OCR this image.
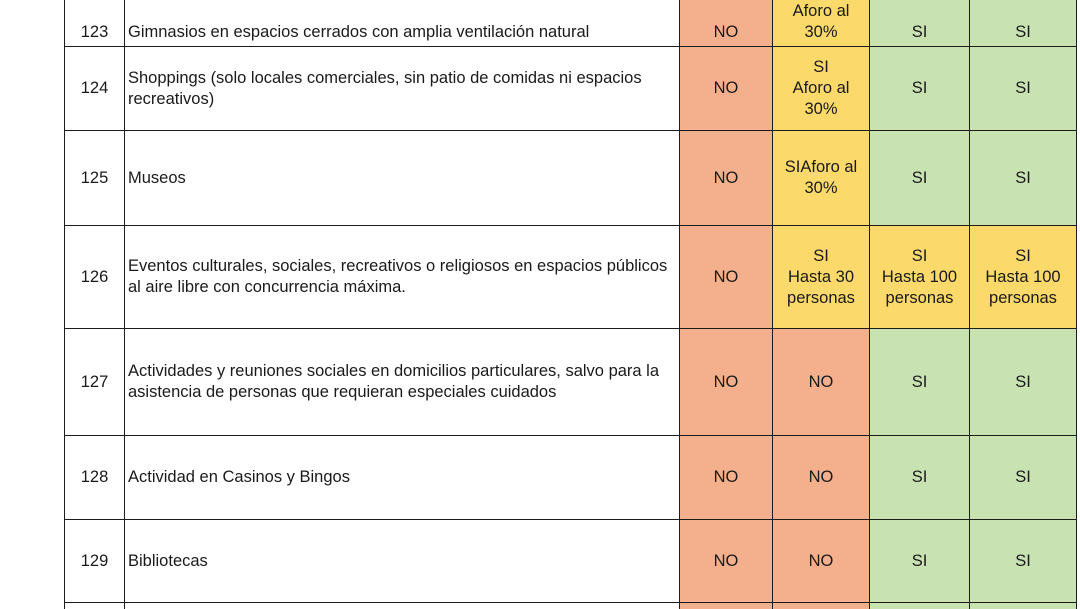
123	Gimnasios en espacios cerrados con amplia ventilación natural	NO	Aforo al
30%	SI	SI

124	Shoppings (solo locales comerciales, sin patio de comidas ni espacios recreativos)	NO	SI
Aforo al
30%	SI	SI

125	Museos	NO	SIAforo al
30%	SI	SI

126	Eventos culturales, sociales, recreativos o religiosos en espacios públicos al aire libre con concurrencia máxima.	NO	SI
Hasta 30
personas	SI
Hasta 100
personas	SI
Hasta 100
personas

127	Actividades y reuniones sociales en domicilios particulares, salvo para la asistencia de personas que requieran especiales cuidados	NO	NO	SI	SI

128	Actividad en Casinos y Bingos	NO	NO	SI	SI

129	Bibliotecas	NO	NO	SI	SI
